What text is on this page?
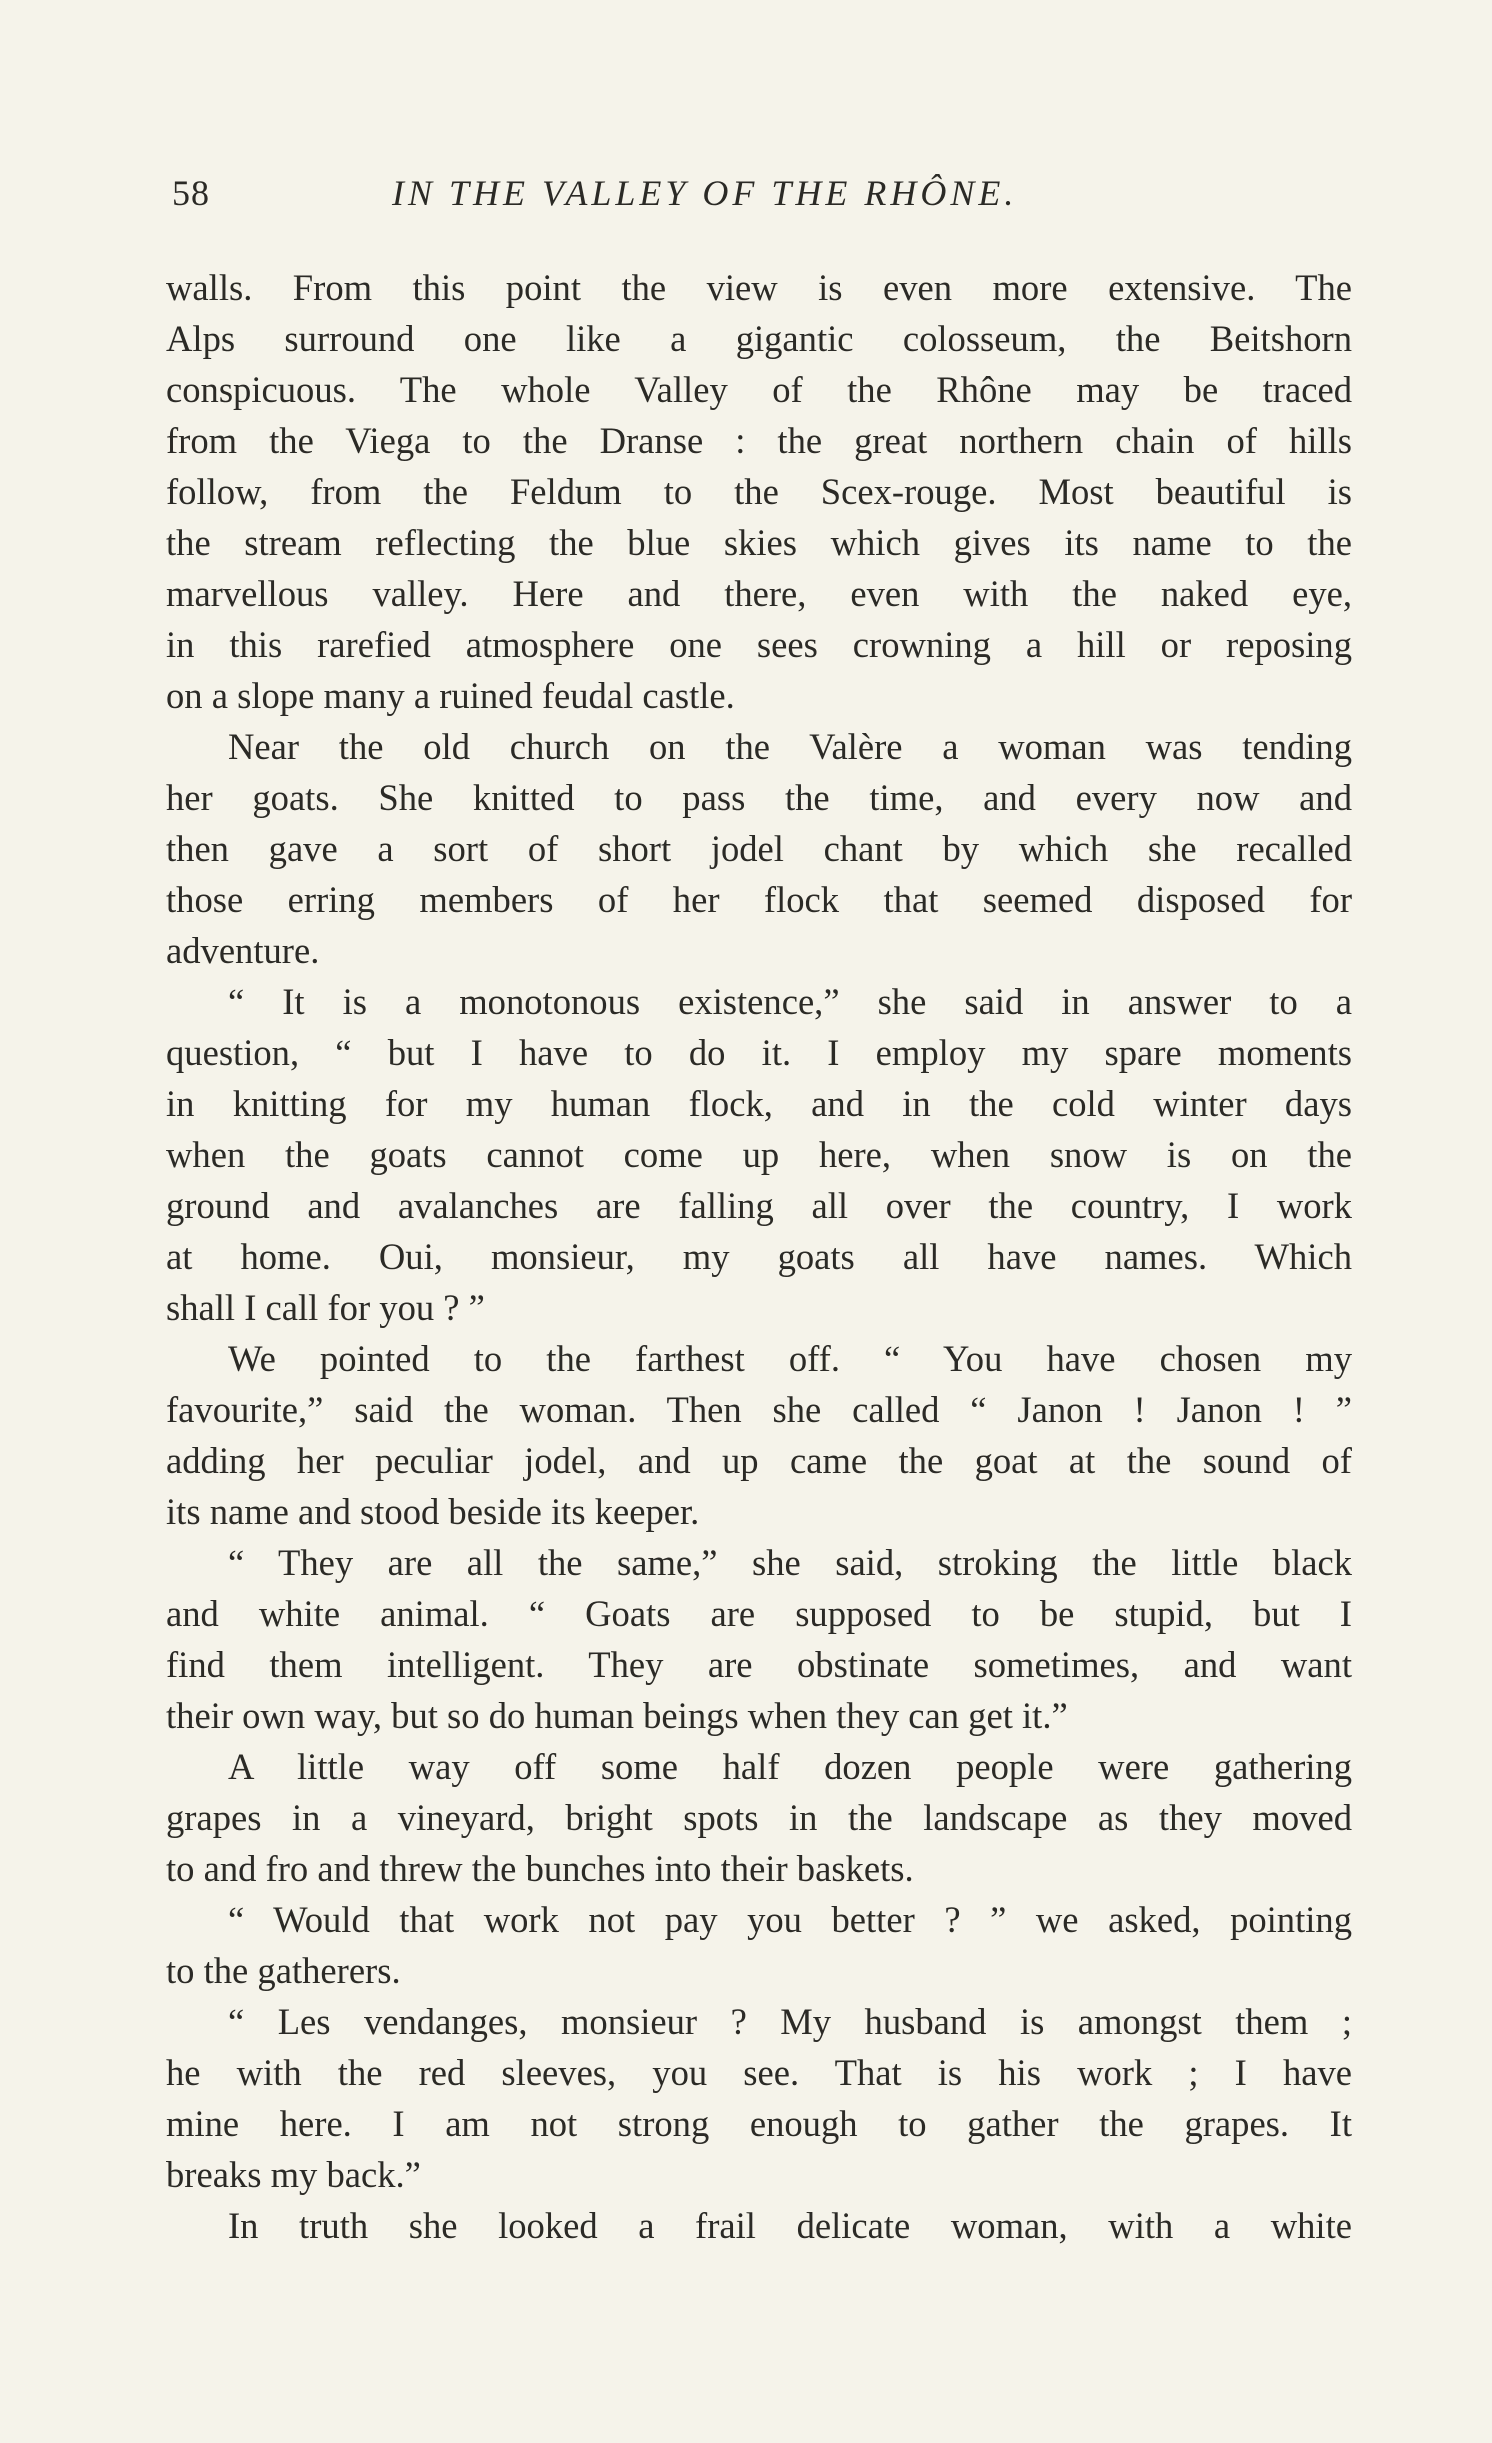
58	IN THE VALLEY OF THE RHÔNE.
walls. From this point the view is even more extensive. The
Alps surround one like a gigantic colosseum, the Beitshorn
conspicuous. The whole Valley of the Rhône may be traced
from the Viega to the Dranse : the great northern chain of hills
follow, from the Feldum to the Scex-rouge. Most beautiful is
the stream reflecting the blue skies which gives its name to the
marvellous valley. Here and there, even with the naked eye,
in this rarefied atmosphere one sees crowning a hill or reposing
on a slope many a ruined feudal castle.
Near the old church on the Valère a woman was tending
her goats. She knitted to pass the time, and every now and
then gave a sort of short jodel chant by which she recalled
those erring members of her flock that seemed disposed for
adventure.
“ It is a monotonous existence,” she said in answer to a
question, “ but I have to do it. I employ my spare moments
in knitting for my human flock, and in the cold winter days
when the goats cannot come up here, when snow is on the
ground and avalanches are falling all over the country, I work
at home. Oui, monsieur, my goats all have names. Which
shall I call for you ? ”
We pointed to the farthest off. “ You have chosen my
favourite,” said the woman. Then she called “ Janon ! Janon ! ”
adding her peculiar jodel, and up came the goat at the sound of
its name and stood beside its keeper.
“ They are all the same,” she said, stroking the little black
and white animal. “ Goats are supposed to be stupid, but I
find them intelligent. They are obstinate sometimes, and want
their own way, but so do human beings when they can get it.”
A little way off some half dozen people were gathering
grapes in a vineyard, bright spots in the landscape as they moved
to and fro and threw the bunches into their baskets.
“ Would that work not pay you better ? ” we asked, pointing
to the gatherers.
“ Les vendanges, monsieur ? My husband is amongst them ;
he with the red sleeves, you see. That is his work ; I have
mine here. I am not strong enough to gather the grapes. It
breaks my back.”
In truth she looked a frail delicate woman, with a white
